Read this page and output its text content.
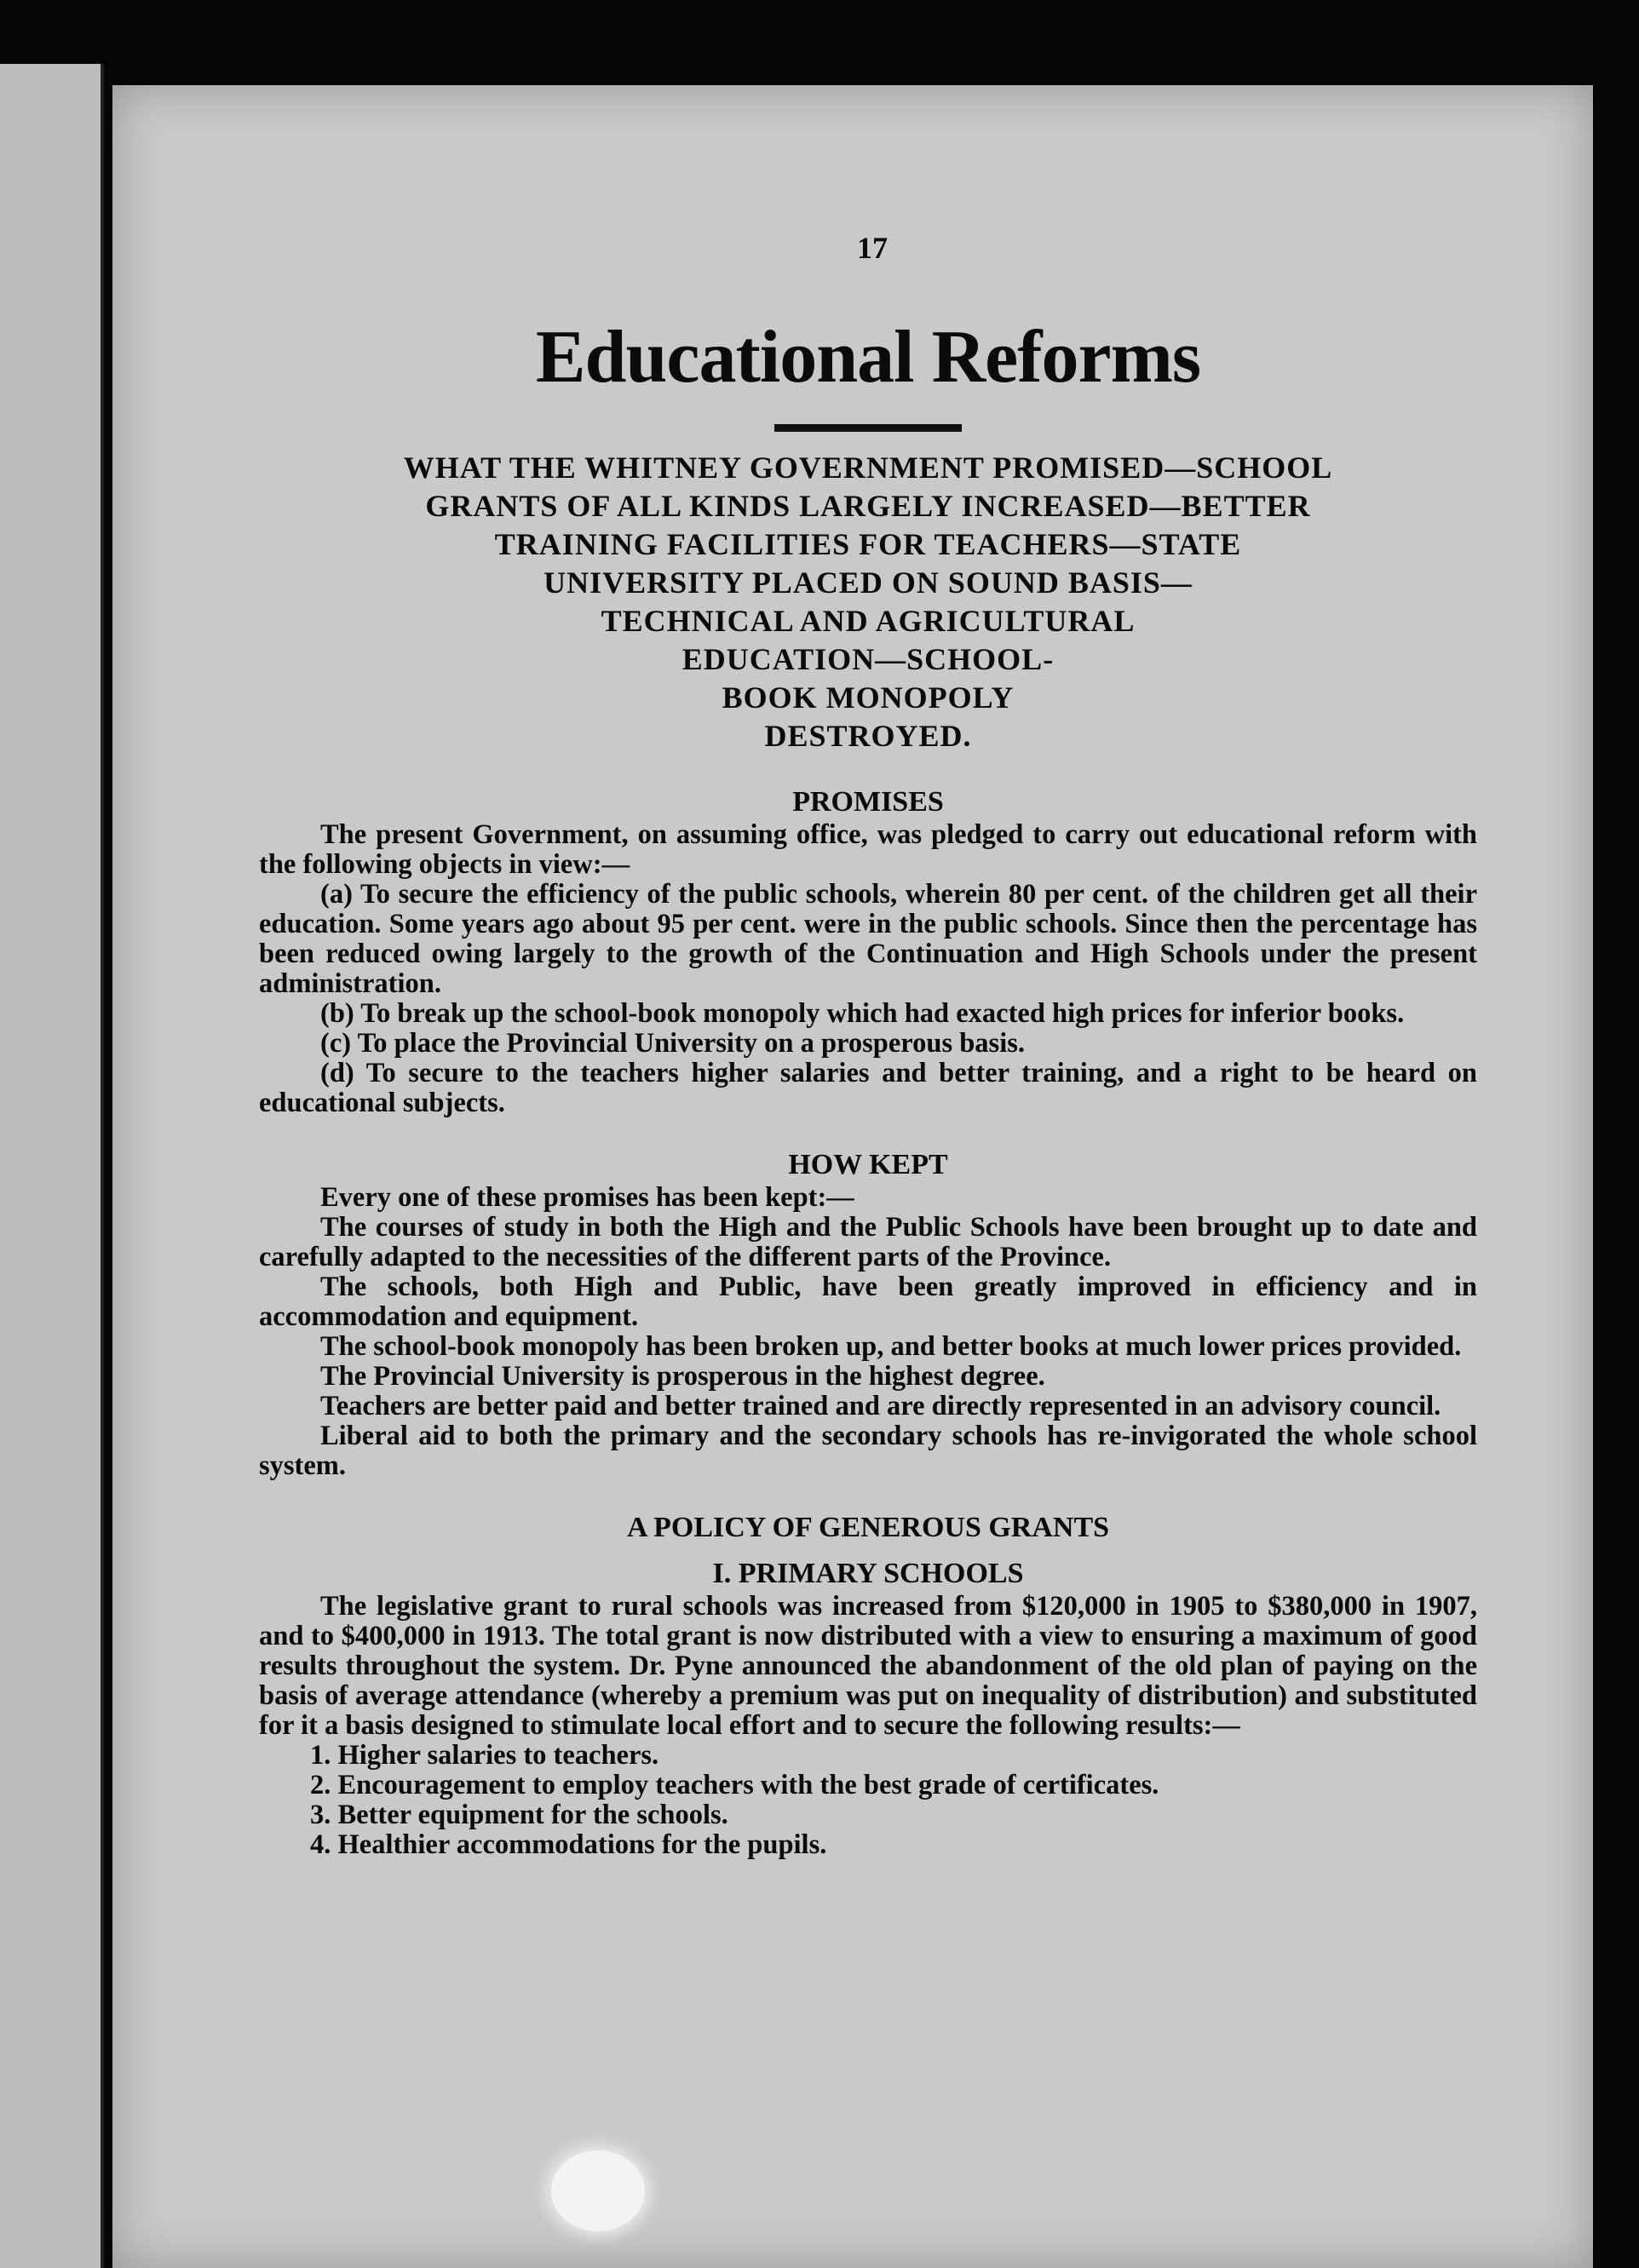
17
Educational Reforms
WHAT THE WHITNEY GOVERNMENT PROMISED—SCHOOL
GRANTS OF ALL KINDS LARGELY INCREASED—BETTER
TRAINING FACILITIES FOR TEACHERS—STATE
UNIVERSITY PLACED ON SOUND BASIS—
TECHNICAL AND AGRICULTURAL
EDUCATION—SCHOOL-
BOOK MONOPOLY
DESTROYED.
PROMISES

The present Government, on assuming office, was pledged to carry out educational reform with the following objects in view:—

(a) To secure the efficiency of the public schools, wherein 80 per cent. of the children get all their education. Some years ago about 95 per cent. were in the public schools. Since then the percentage has been reduced owing largely to the growth of the Continuation and High Schools under the present administration.

(b) To break up the school-book monopoly which had exacted high prices for inferior books.

(c) To place the Provincial University on a prosperous basis.

(d) To secure to the teachers higher salaries and better training, and a right to be heard on educational subjects.

HOW KEPT

Every one of these promises has been kept:—

The courses of study in both the High and the Public Schools have been brought up to date and carefully adapted to the necessities of the different parts of the Province.

The schools, both High and Public, have been greatly improved in efficiency and in accommodation and equipment.

The school-book monopoly has been broken up, and better books at much lower prices provided.

The Provincial University is prosperous in the highest degree.

Teachers are better paid and better trained and are directly represented in an advisory council.

Liberal aid to both the primary and the secondary schools has re-invigorated the whole school system.

A POLICY OF GENEROUS GRANTS
I. PRIMARY SCHOOLS

The legislative grant to rural schools was increased from $120,000 in 1905 to $380,000 in 1907, and to $400,000 in 1913. The total grant is now distributed with a view to ensuring a maximum of good results throughout the system. Dr. Pyne announced the abandonment of the old plan of paying on the basis of average attendance (whereby a premium was put on inequality of distribution) and substituted for it a basis designed to stimulate local effort and to secure the following results:—

1. Higher salaries to teachers.
2. Encouragement to employ teachers with the best grade of certificates.
3. Better equipment for the schools.
4. Healthier accommodations for the pupils.
